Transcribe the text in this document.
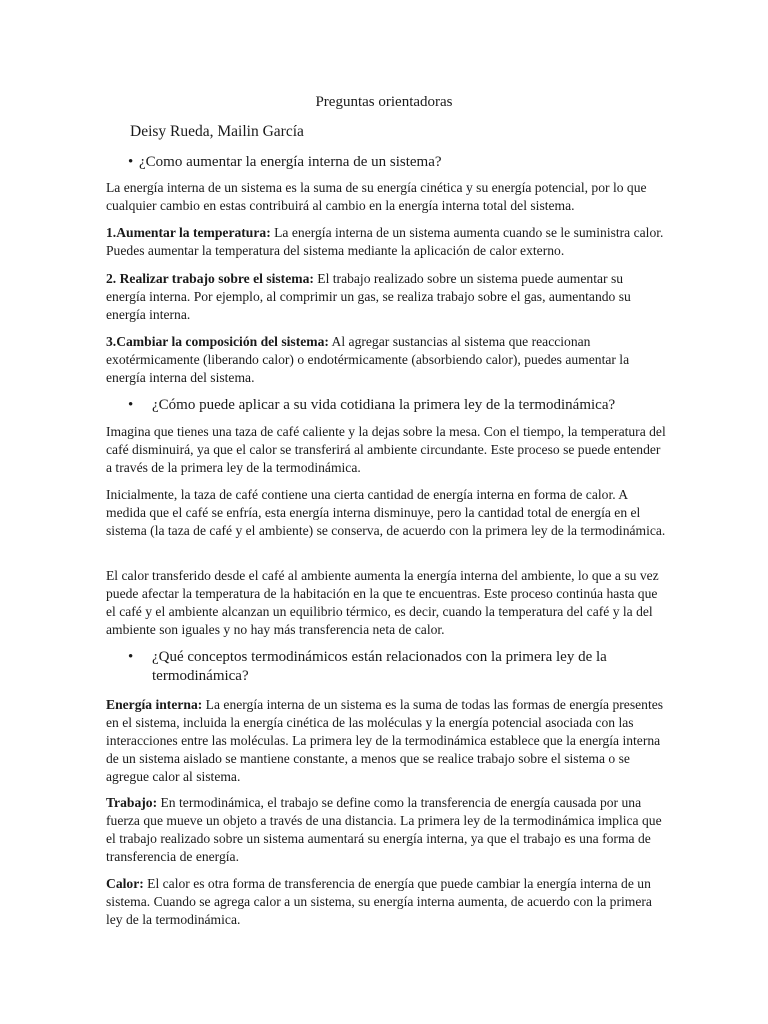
Preguntas orientadoras
Deisy Rueda, Mailin García
• ¿Como aumentar la energía interna de un sistema?
La energía interna de un sistema es la suma de su energía cinética y su energía potencial, por lo que cualquier cambio en estas contribuirá al cambio en la energía interna total del sistema.
1.Aumentar la temperatura: La energía interna de un sistema aumenta cuando se le suministra calor. Puedes aumentar la temperatura del sistema mediante la aplicación de calor externo.
2. Realizar trabajo sobre el sistema: El trabajo realizado sobre un sistema puede aumentar su energía interna. Por ejemplo, al comprimir un gas, se realiza trabajo sobre el gas, aumentando su energía interna.
3.Cambiar la composición del sistema: Al agregar sustancias al sistema que reaccionan exotérmicamente (liberando calor) o endotérmicamente (absorbiendo calor), puedes aumentar la energía interna del sistema.
•	¿Cómo puede aplicar a su vida cotidiana la primera ley de la termodinámica?
Imagina que tienes una taza de café caliente y la dejas sobre la mesa. Con el tiempo, la temperatura del café disminuirá, ya que el calor se transferirá al ambiente circundante. Este proceso se puede entender a través de la primera ley de la termodinámica.
Inicialmente, la taza de café contiene una cierta cantidad de energía interna en forma de calor. A medida que el café se enfría, esta energía interna disminuye, pero la cantidad total de energía en el sistema (la taza de café y el ambiente) se conserva, de acuerdo con la primera ley de la termodinámica.
El calor transferido desde el café al ambiente aumenta la energía interna del ambiente, lo que a su vez puede afectar la temperatura de la habitación en la que te encuentras. Este proceso continúa hasta que el café y el ambiente alcanzan un equilibrio térmico, es decir, cuando la temperatura del café y la del ambiente son iguales y no hay más transferencia neta de calor.
•	¿Qué conceptos termodinámicos están relacionados con la primera ley de la termodinámica?
Energía interna: La energía interna de un sistema es la suma de todas las formas de energía presentes en el sistema, incluida la energía cinética de las moléculas y la energía potencial asociada con las interacciones entre las moléculas. La primera ley de la termodinámica establece que la energía interna de un sistema aislado se mantiene constante, a menos que se realice trabajo sobre el sistema o se agregue calor al sistema.
Trabajo: En termodinámica, el trabajo se define como la transferencia de energía causada por una fuerza que mueve un objeto a través de una distancia. La primera ley de la termodinámica implica que el trabajo realizado sobre un sistema aumentará su energía interna, ya que el trabajo es una forma de transferencia de energía.
Calor: El calor es otra forma de transferencia de energía que puede cambiar la energía interna de un sistema. Cuando se agrega calor a un sistema, su energía interna aumenta, de acuerdo con la primera ley de la termodinámica.
